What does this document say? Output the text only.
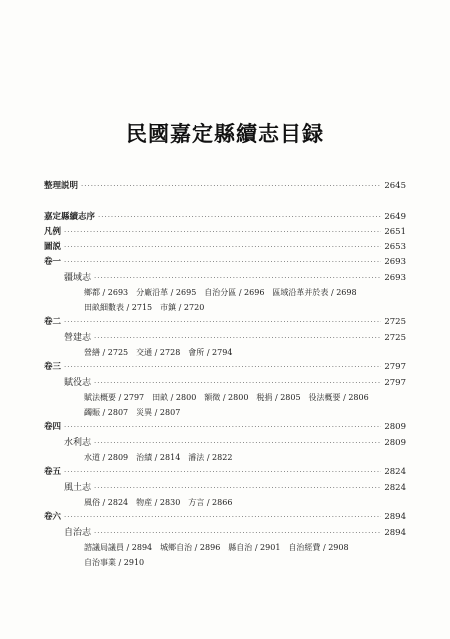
民國嘉定縣續志目録
整理説明 ·····	2645
嘉定縣續志序 ·····	2649
凡例 ·····	2651
圖説 ·····	2653
卷一 ·····	2693
疆域志 ·····	2693
鄉都 / 2693　分廠沿革 / 2695　自治分區 / 2696　區域沿革并於表 / 2698
田畝細數表 / 2715　市鎮 / 2720
卷二 ·····	2725
營建志 ·····	2725
營繕 / 2725　交通 / 2728　會所 / 2794
卷三 ·····	2797
賦役志 ·····	2797
賦法概要 / 2797　田畝 / 2800　額徵 / 2800　税捐 / 2805　役法概要 / 2806
蠲賑 / 2807　災異 / 2807
卷四 ·····	2809
水利志 ·····	2809
水道 / 2809　治績 / 2814　濬法 / 2822
卷五 ·····	2824
風土志 ·····	2824
風俗 / 2824　物産 / 2830　方言 / 2866
卷六 ·····	2894
自治志 ·····	2894
諮議局議員 / 2894　城鄉自治 / 2896　縣自治 / 2901　自治經費 / 2908
自治事業 / 2910
